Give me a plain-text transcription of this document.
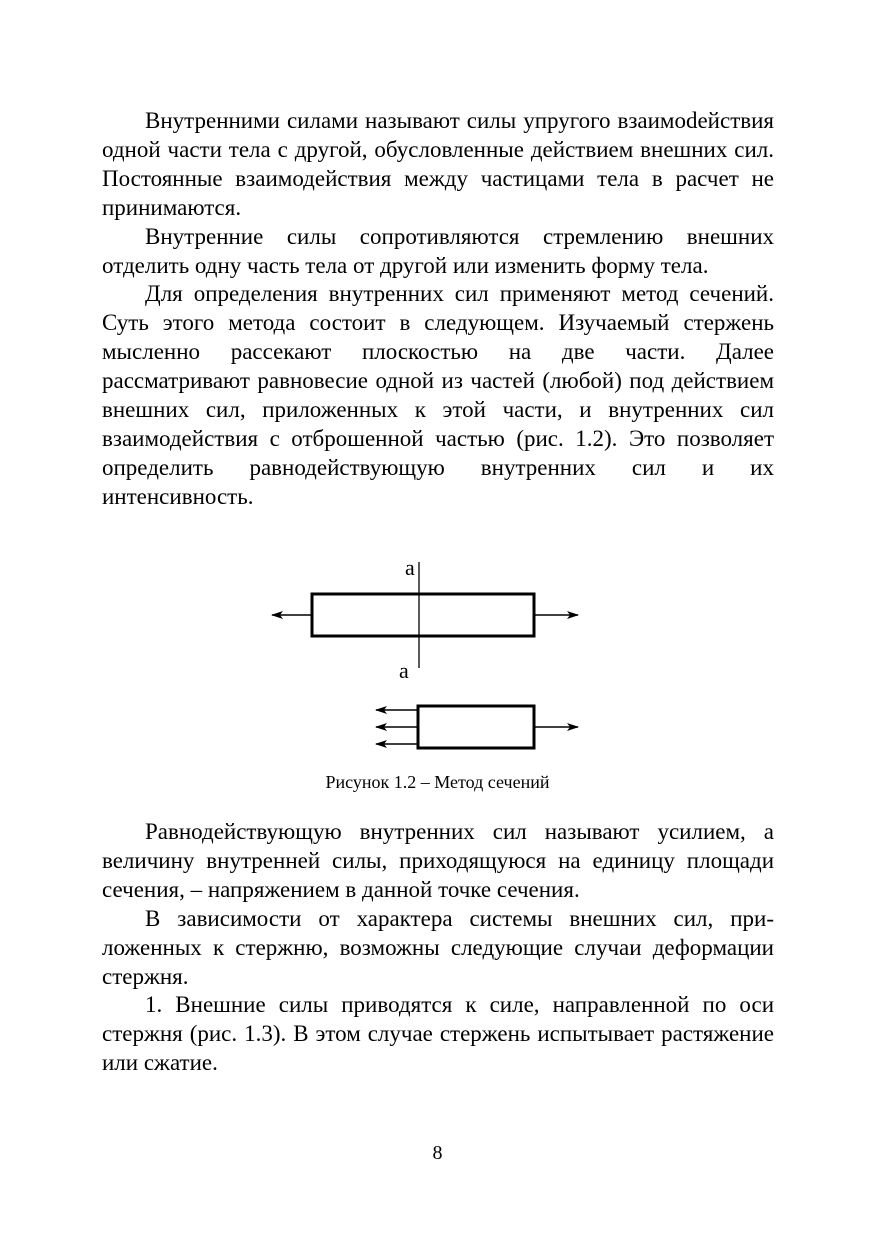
Внутренними силами называют силы упругого взаимоdействия одной части тела с другой, обусловленные действием внешних сил. Постоянные взаимодействия между частицами тела в расчет не принимаются.

Внутренние силы сопротивляются стремлению внешних отделить одну часть тела от другой или изменить форму тела.

Для определения внутренних сил применяют метод сечений. Суть этого метода состоит в следующем. Изучаемый стержень мысленно рассекают плоскостью на две части. Далее рассматривают равновесие одной из частей (любой) под действием внешних сил, приложенных к этой части, и внутренних сил взаимодействия с отброшенной частью (рис. 1.2). Это позволяет определить равнодействующую внутренних сил и их интенсивность.

a
a
Рисунок 1.2 – Метод сечений

Равнодействующую внутренних сил называют усилием, а величину внутренней силы, приходящуюся на единицу площади сечения, – напряжением в данной точке сечения.

В зависимости от характера системы внешних сил, приложенных к стержню, возможны следующие случаи деформации стержня.

1. Внешние силы приводятся к силе, направленной по оси стержня (рис. 1.3). В этом случае стержень испытывает растяжение или сжатие.

8
